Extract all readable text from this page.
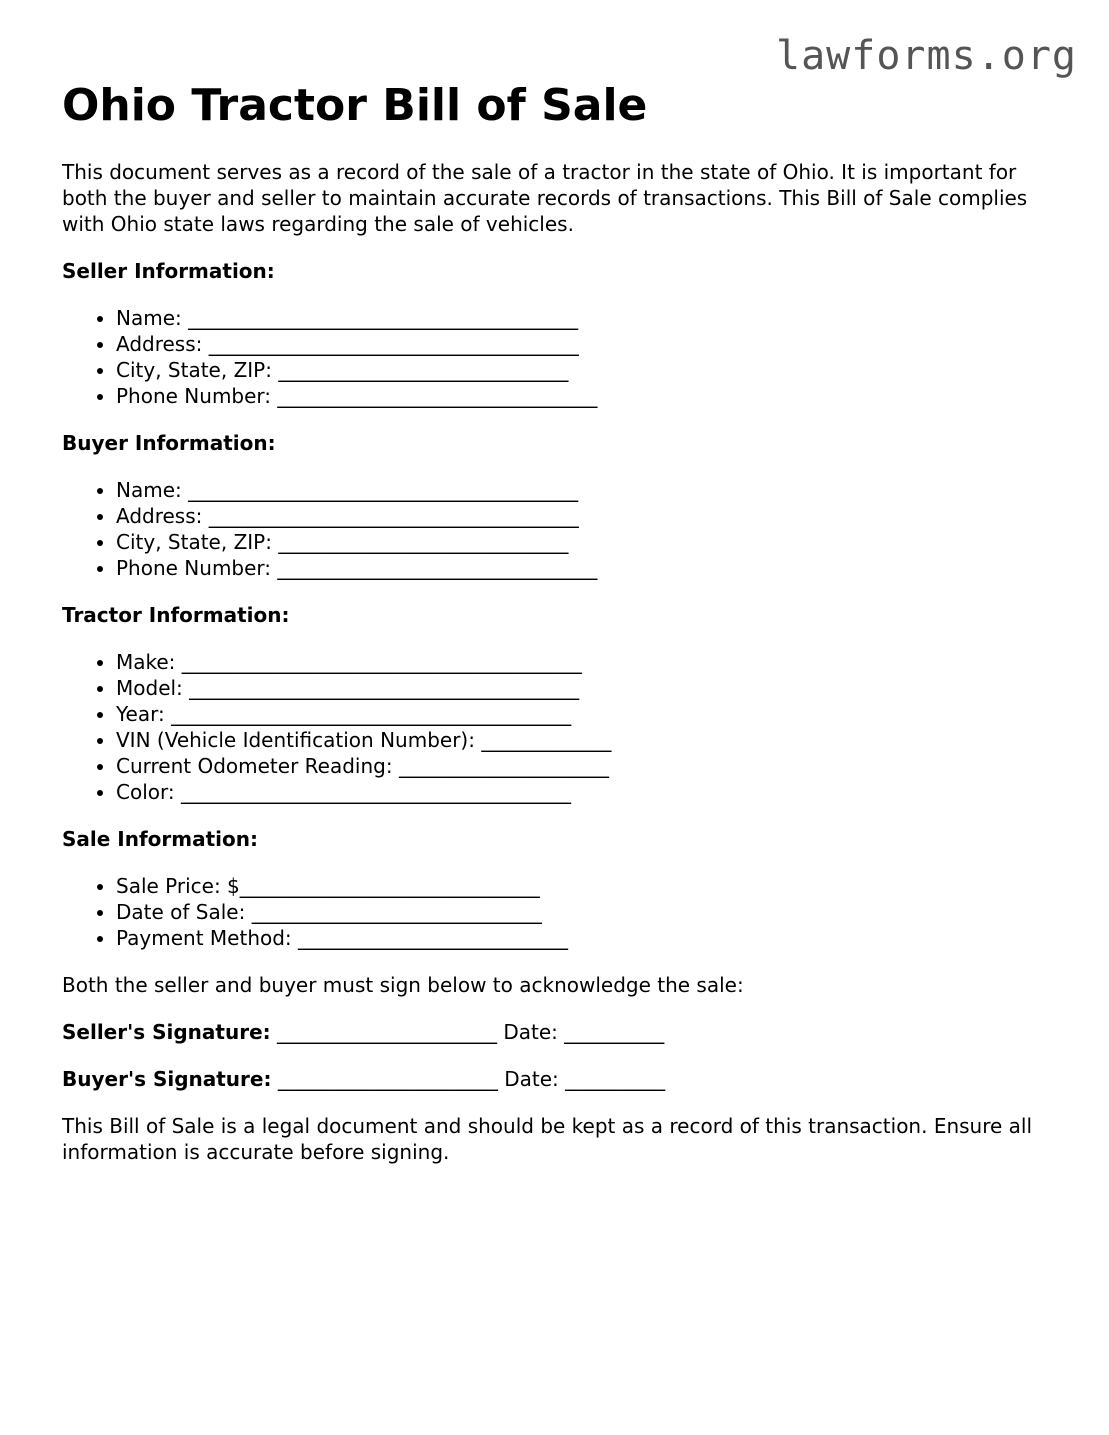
lawforms.org
Ohio Tractor Bill of Sale

This document serves as a record of the sale of a tractor in the state of Ohio. It is important for both the buyer and seller to maintain accurate records of transactions. This Bill of Sale complies with Ohio state laws regarding the sale of vehicles.

Seller Information:
• Name: _______________________________________
• Address: _____________________________________
• City, State, ZIP: _____________________________
• Phone Number: ________________________________
Buyer Information:
• Name: _______________________________________
• Address: _____________________________________
• City, State, ZIP: _____________________________
• Phone Number: ________________________________
Tractor Information:
• Make: ________________________________________
• Model: _______________________________________
• Year: ________________________________________
• VIN (Vehicle Identification Number): _____________
• Current Odometer Reading: _____________________
• Color: _______________________________________
Sale Information:
• Sale Price: $______________________________
• Date of Sale: _____________________________
• Payment Method: ___________________________

Both the seller and buyer must sign below to acknowledge the sale:

Seller's Signature: ______________________ Date: __________

Buyer's Signature: ______________________ Date: __________

This Bill of Sale is a legal document and should be kept as a record of this transaction. Ensure all information is accurate before signing.
